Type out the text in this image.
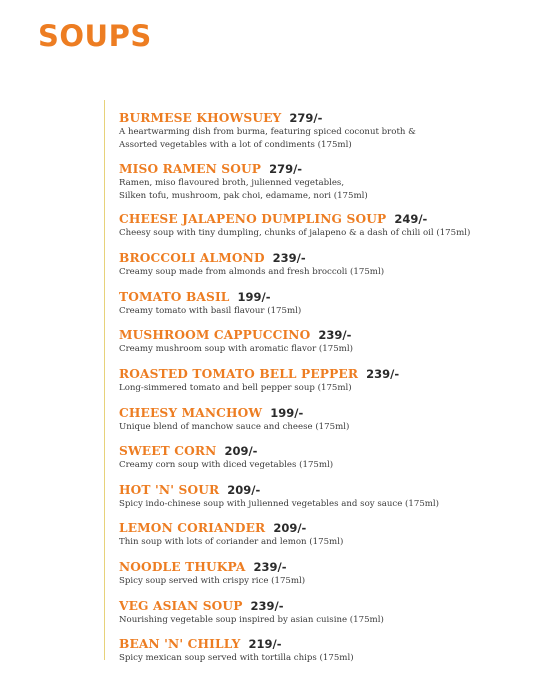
SOUPS
BURMESE KHOWSUEY 279/-
A heartwarming dish from burma, featuring spiced coconut broth &
Assorted vegetables with a lot of condiments (175ml)
MISO RAMEN SOUP 279/-
Ramen, miso flavoured broth, julienned vegetables,
Silken tofu, mushroom, pak choi, edamame, nori (175ml)
CHEESE JALAPENO DUMPLING SOUP 249/-
Cheesy soup with tiny dumpling, chunks of jalapeno & a dash of chili oil (175ml)
BROCCOLI ALMOND 239/-
Creamy soup made from almonds and fresh broccoli (175ml)
TOMATO BASIL 199/-
Creamy tomato with basil flavour (175ml)
MUSHROOM CAPPUCCINO 239/-
Creamy mushroom soup with aromatic flavor (175ml)
ROASTED TOMATO BELL PEPPER 239/-
Long-simmered tomato and bell pepper soup (175ml)
CHEESY MANCHOW 199/-
Unique blend of manchow sauce and cheese (175ml)
SWEET CORN 209/-
Creamy corn soup with diced vegetables (175ml)
HOT 'N' SOUR 209/-
Spicy indo-chinese soup with julienned vegetables and soy sauce (175ml)
LEMON CORIANDER 209/-
Thin soup with lots of coriander and lemon (175ml)
NOODLE THUKPA 239/-
Spicy soup served with crispy rice (175ml)
VEG ASIAN SOUP 239/-
Nourishing vegetable soup inspired by asian cuisine (175ml)
BEAN 'N' CHILLY 219/-
Spicy mexican soup served with tortilla chips (175ml)
